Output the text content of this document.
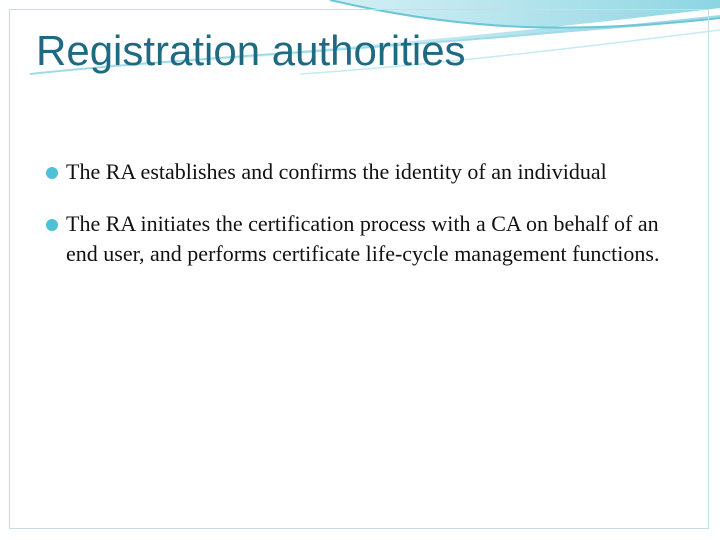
Registration authorities
The RA establishes and confirms the identity of an individual
The RA initiates the certification process with a CA on behalf of an end user, and performs certificate life-cycle management functions.
